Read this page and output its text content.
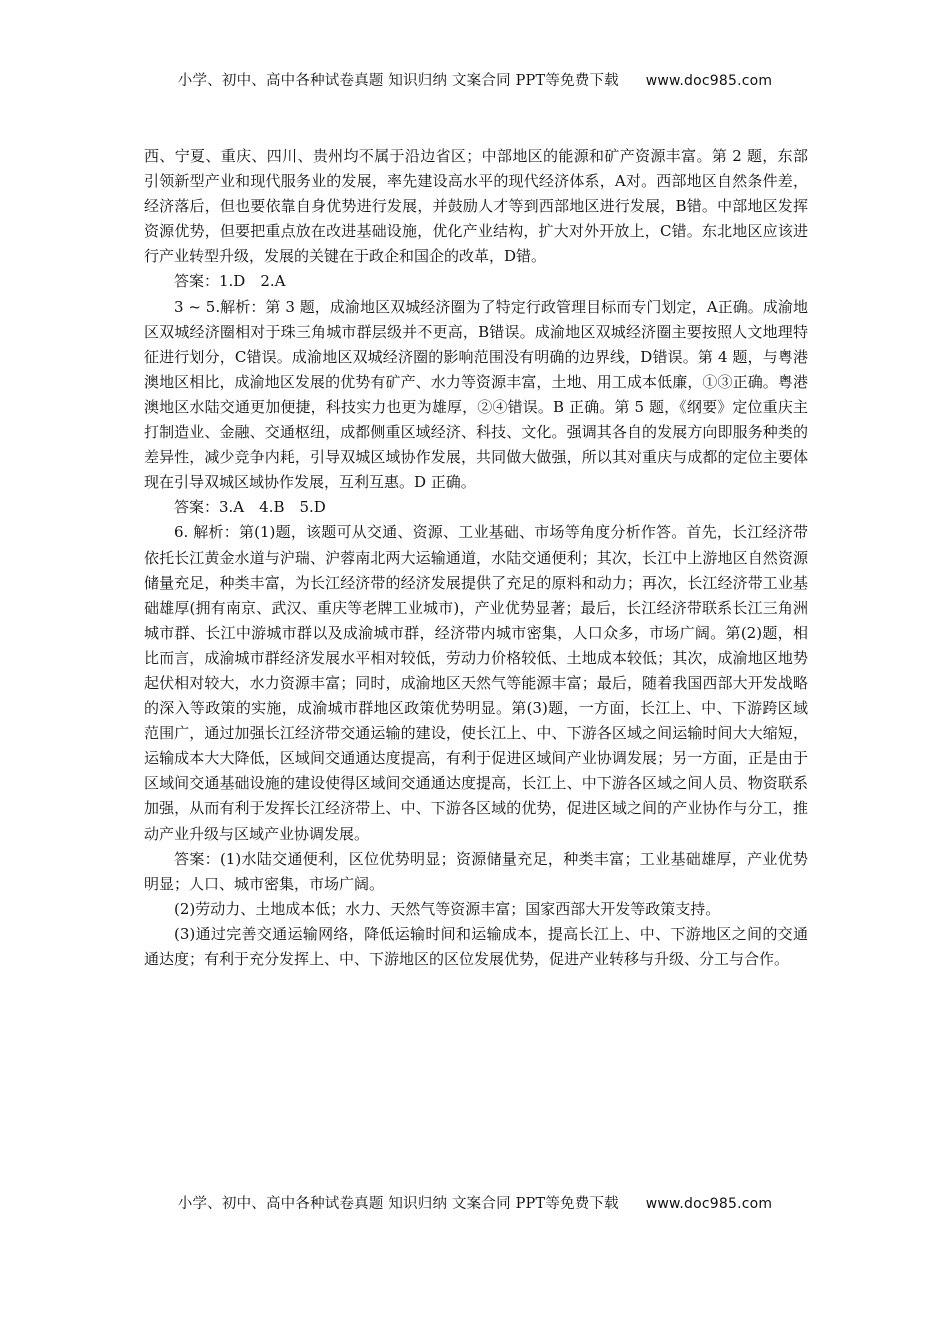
小学、初中、高中各种试卷真题 知识归纳 文案合同 PPT等免费下载 www.doc985.com

西、宁夏、重庆、四川、贵州均不属于沿边省区；中部地区的能源和矿产资源丰富。第 2 题，东部引领新型产业和现代服务业的发展，率先建设高水平的现代经济体系，A对。西部地区自然条件差，经济落后，但也要依靠自身优势进行发展，并鼓励人才等到西部地区进行发展，B错。中部地区发挥资源优势，但要把重点放在改进基础设施，优化产业结构，扩大对外开放上，C错。东北地区应该进行产业转型升级，发展的关键在于政企和国企的改革，D错。

答案：1.D　2.A

3 ~ 5.解析：第 3 题，成渝地区双城经济圈为了特定行政管理目标而专门划定，A正确。成渝地区双城经济圈相对于珠三角城市群层级并不更高，B错误。成渝地区双城经济圈主要按照人文地理特征进行划分，C错误。成渝地区双城经济圈的影响范围没有明确的边界线，D错误。第 4 题，与粤港澳地区相比，成渝地区发展的优势有矿产、水力等资源丰富，土地、用工成本低廉，①③正确。粤港澳地区水陆交通更加便捷，科技实力也更为雄厚，②④错误。B 正确。第 5 题，《纲要》定位重庆主打制造业、金融、交通枢纽，成都侧重区域经济、科技、文化。强调其各自的发展方向即服务种类的差异性，减少竞争内耗，引导双城区域协作发展，共同做大做强，所以其对重庆与成都的定位主要体现在引导双城区域协作发展，互利互惠。D 正确。

答案：3.A　4.B　5.D

6. 解析：第(1)题，该题可从交通、资源、工业基础、市场等角度分析作答。首先，长江经济带依托长江黄金水道与沪瑞、沪蓉南北两大运输通道，水陆交通便利；其次，长江中上游地区自然资源储量充足，种类丰富，为长江经济带的经济发展提供了充足的原料和动力；再次，长江经济带工业基础雄厚(拥有南京、武汉、重庆等老牌工业城市)，产业优势显著；最后，长江经济带联系长江三角洲城市群、长江中游城市群以及成渝城市群，经济带内城市密集，人口众多，市场广阔。第(2)题，相比而言，成渝城市群经济发展水平相对较低，劳动力价格较低、土地成本较低；其次，成渝地区地势起伏相对较大，水力资源丰富；同时，成渝地区天然气等能源丰富；最后，随着我国西部大开发战略的深入等政策的实施，成渝城市群地区政策优势明显。第(3)题，一方面，长江上、中、下游跨区域范围广，通过加强长江经济带交通运输的建设，使长江上、中、下游各区域之间运输时间大大缩短，运输成本大大降低，区域间交通通达度提高，有利于促进区域间产业协调发展；另一方面，正是由于区域间交通基础设施的建设使得区域间交通通达度提高，长江上、中下游各区域之间人员、物资联系加强，从而有利于发挥长江经济带上、中、下游各区域的优势，促进区域之间的产业协作与分工，推动产业升级与区域产业协调发展。

答案：(1)水陆交通便利，区位优势明显；资源储量充足，种类丰富；工业基础雄厚，产业优势明显；人口、城市密集，市场广阔。

(2)劳动力、土地成本低；水力、天然气等资源丰富；国家西部大开发等政策支持。

(3)通过完善交通运输网络，降低运输时间和运输成本，提高长江上、中、下游地区之间的交通通达度；有利于充分发挥上、中、下游地区的区位发展优势，促进产业转移与升级、分工与合作。

小学、初中、高中各种试卷真题 知识归纳 文案合同 PPT等免费下载 www.doc985.com
